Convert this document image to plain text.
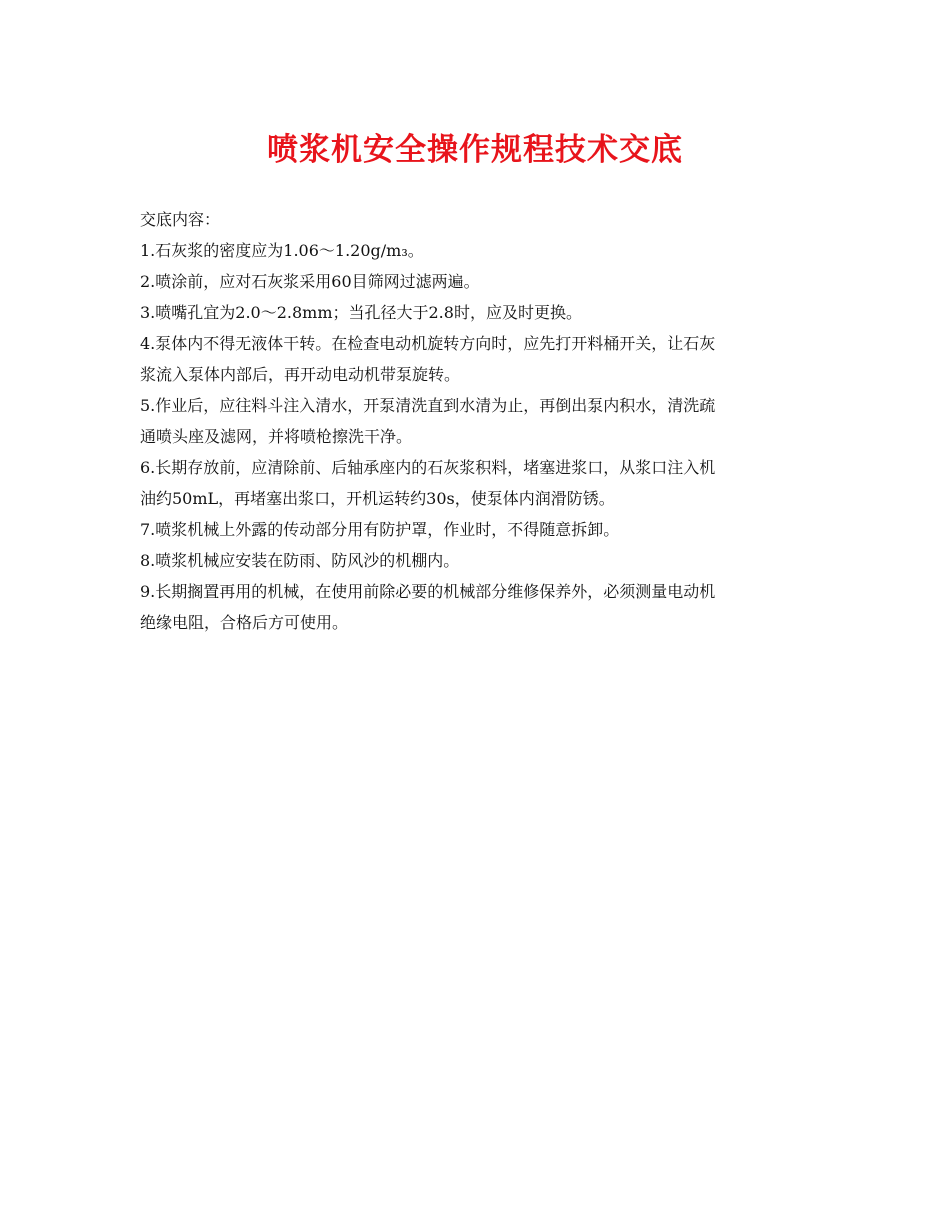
喷浆机安全操作规程技术交底
交底内容：
1.石灰浆的密度应为1.06～1.20g/m₃。
2.喷涂前，应对石灰浆采用60目筛网过滤两遍。
3.喷嘴孔宜为2.0～2.8mm；当孔径大于2.8时，应及时更换。
4.泵体内不得无液体干转。在检查电动机旋转方向时，应先打开料桶开关，让石灰
浆流入泵体内部后，再开动电动机带泵旋转。
5.作业后，应往料斗注入清水，开泵清洗直到水清为止，再倒出泵内积水，清洗疏
通喷头座及滤网，并将喷枪擦洗干净。
6.长期存放前，应清除前、后轴承座内的石灰浆积料，堵塞进浆口，从浆口注入机
油约50mL，再堵塞出浆口，开机运转约30s，使泵体内润滑防锈。
7.喷浆机械上外露的传动部分用有防护罩，作业时，不得随意拆卸。
8.喷浆机械应安装在防雨、防风沙的机棚内。
9.长期搁置再用的机械，在使用前除必要的机械部分维修保养外，必须测量电动机
绝缘电阻，合格后方可使用。
